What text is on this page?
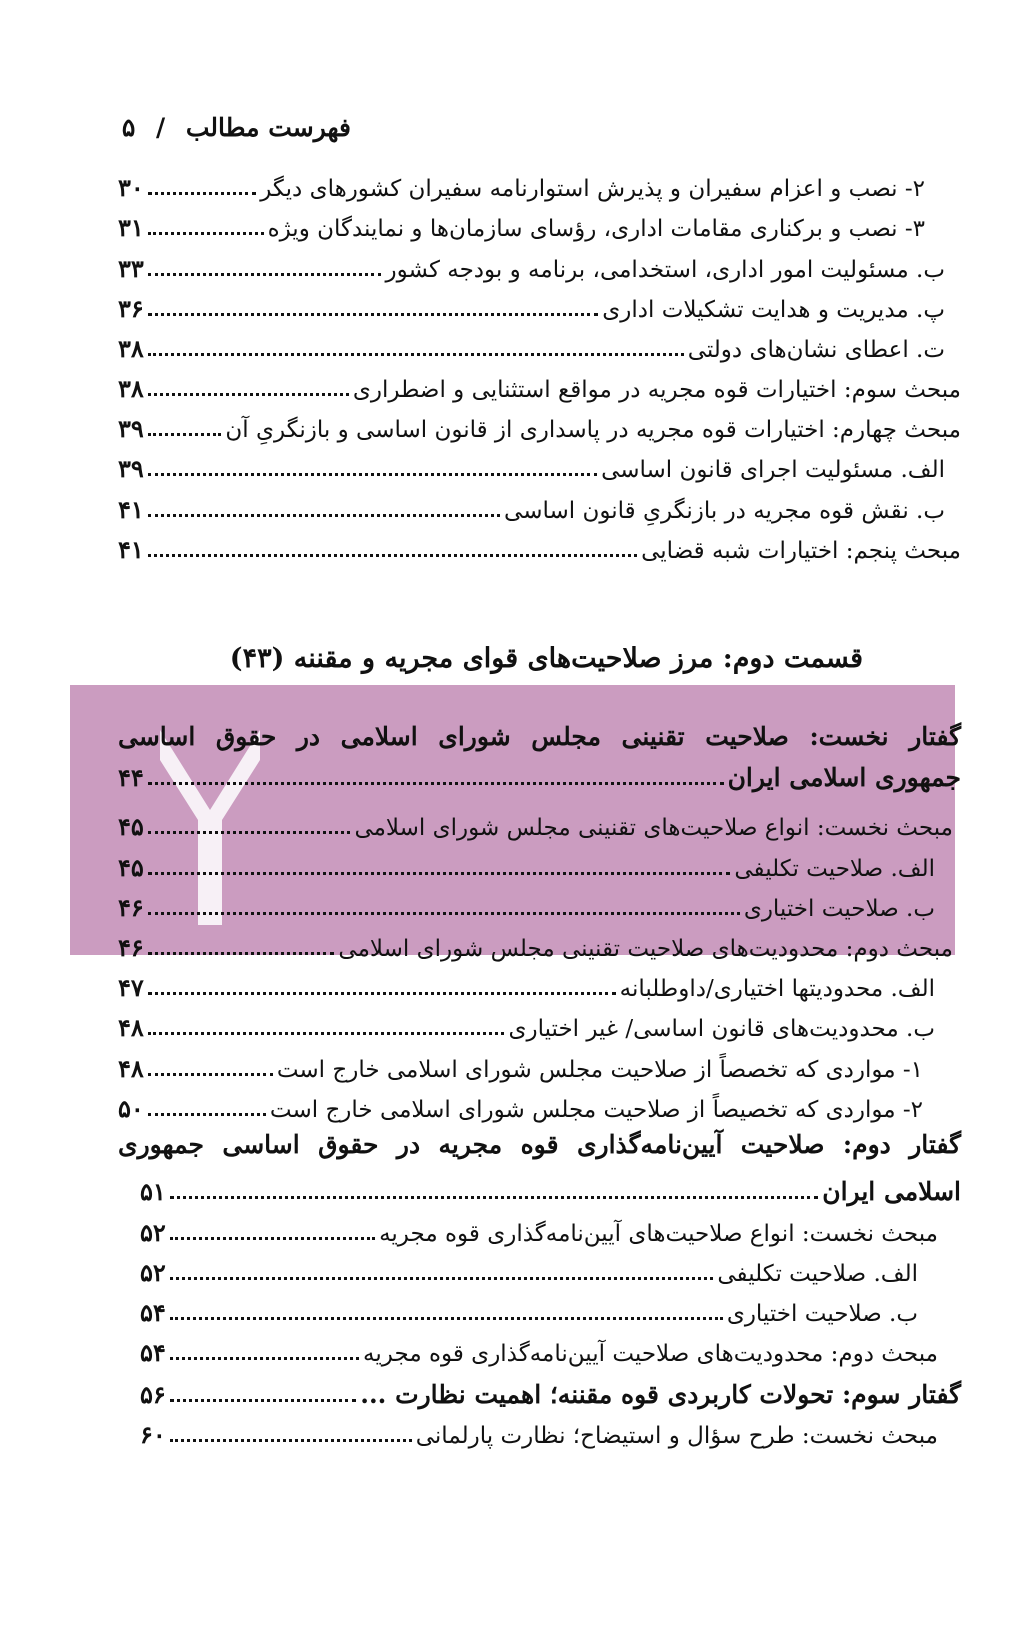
فهرست مطالب / ۵
۲- نصب و اعزام سفیران و پذیرش استوارنامه سفیران کشورهای دیگر
۳۰
۳- نصب و برکناری مقامات اداری، رؤسای سازمان‌ها و نمایندگان ویژه
۳۱
ب. مسئولیت امور اداری، استخدامی، برنامه و بودجه کشور
۳۳
پ. مدیریت و هدایت تشکیلات اداری
۳۶
ت. اعطای نشان‌های دولتی
۳۸
مبحث سوم: اختیارات قوه مجریه در مواقع استثنایی و اضطراری
۳۸
مبحث چهارم: اختیارات قوه مجریه در پاسداری از قانون اساسی و بازنگریِ آن
۳۹
الف. مسئولیت اجرای قانون اساسی
۳۹
ب. نقش قوه مجریه در بازنگریِ قانون اساسی
۴۱
مبحث پنجم: اختیارات شبه قضایی
۴۱
قسمت دوم: مرز صلاحیت‌های قوای مجریه و مقننه (۴۳)
گفتار نخست: صلاحیت تقنینی مجلس شورای اسلامی در حقوق اساسی
جمهوری اسلامی ایران
۴۴
مبحث نخست: انواع صلاحیت‌های تقنینی مجلس شورای اسلامی
۴۵
الف. صلاحیت تکلیفی
۴۵
ب. صلاحیت اختیاری
۴۶
مبحث دوم: محدودیت‌های صلاحیت تقنینی مجلس شورای اسلامی
۴۶
الف. محدودیتها اختیاری/داوطلبانه
۴۷
ب. محدودیت‌های قانون اساسی/ غیر اختیاری
۴۸
۱- مواردی که تخصصاً از صلاحیت مجلس شورای اسلامی خارج است
۴۸
۲- مواردی که تخصیصاً از صلاحیت مجلس شورای اسلامی خارج است
۵۰
گفتار دوم: صلاحیت آیین‌نامه‌گذاری قوه مجریه در حقوق اساسی جمهوری
اسلامی ایران
۵۱
مبحث نخست: انواع صلاحیت‌های آیین‌نامه‌گذاری قوه مجریه
۵۲
الف. صلاحیت تکلیفی
۵۲
ب. صلاحیت اختیاری
۵۴
مبحث دوم: محدودیت‌های صلاحیت آیین‌نامه‌گذاری قوه مجریه
۵۴
گفتار سوم: تحولات کاربردی قوه مقننه؛ اهمیت نظارت ...
۵۶
مبحث نخست: طرح سؤال و استیضاح؛ نظارت پارلمانی
۶۰
